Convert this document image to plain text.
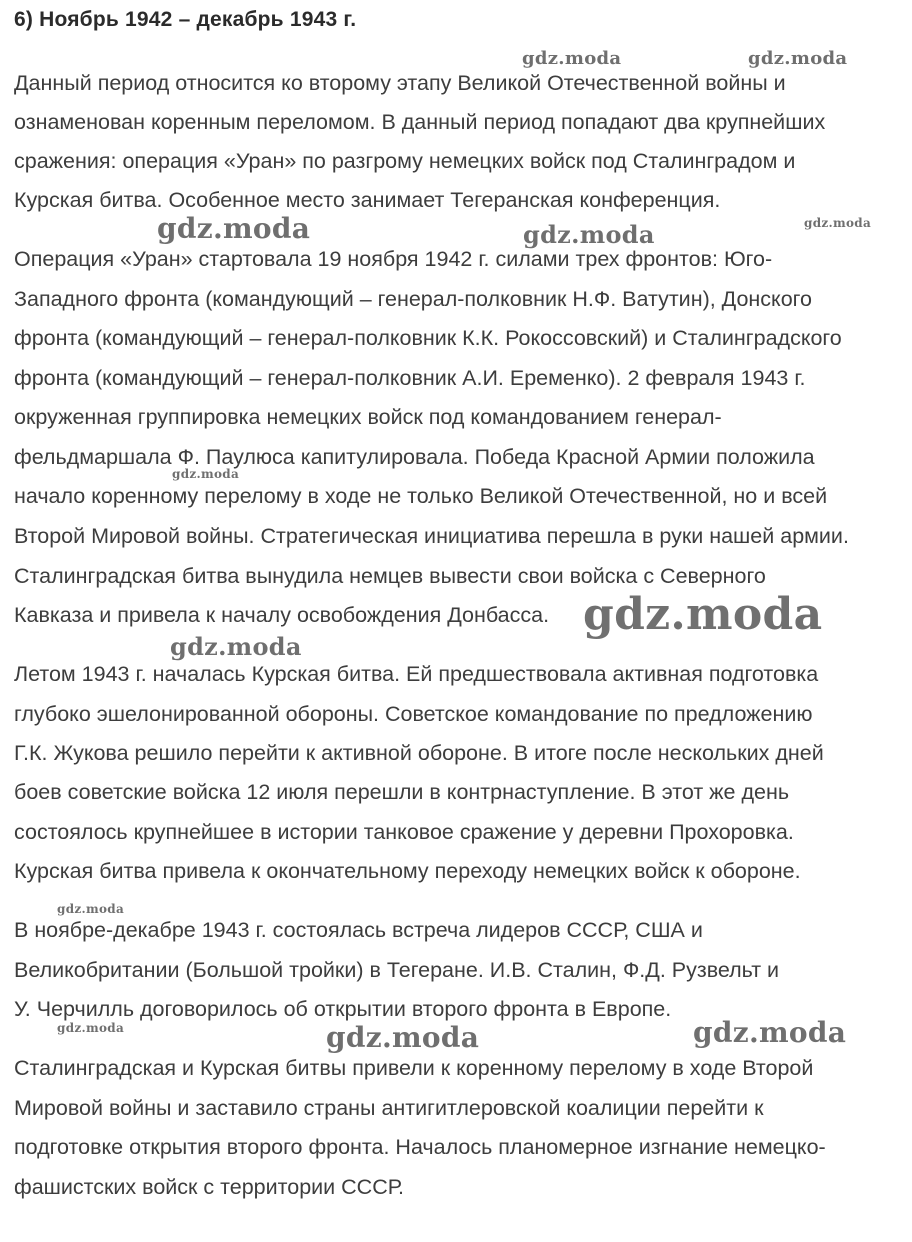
6) Ноябрь 1942 – декабрь 1943 г.

Данный период относится ко второму этапу Великой Отечественной войны и

ознаменован коренным переломом. В данный период попадают два крупнейших

сражения: операция «Уран» по разгрому немецких войск под Сталинградом и

Курская битва. Особенное место занимает Тегеранская конференция.

Операция «Уран» стартовала 19 ноября 1942 г. силами трех фронтов: Юго-

Западного фронта (командующий – генерал-полковник Н.Ф. Ватутин), Донского

фронта (командующий – генерал-полковник К.К. Рокоссовский) и Сталинградского

фронта (командующий – генерал-полковник А.И. Еременко). 2 февраля 1943 г.

окруженная группировка немецких войск под командованием генерал-

фельдмаршала Ф. Паулюса капитулировала. Победа Красной Армии положила

начало коренному перелому в ходе не только Великой Отечественной, но и всей

Второй Мировой войны. Стратегическая инициатива перешла в руки нашей армии.

Сталинградская битва вынудила немцев вывести свои войска с Северного

Кавказа и привела к началу освобождения Донбасса.

Летом 1943 г. началась Курская битва. Ей предшествовала активная подготовка

глубоко эшелонированной обороны. Советское командование по предложению

Г.К. Жукова решило перейти к активной обороне. В итоге после нескольких дней

боев советские войска 12 июля перешли в контрнаступление. В этот же день

состоялось крупнейшее в истории танковое сражение у деревни Прохоровка.

Курская битва привела к окончательному переходу немецких войск к обороне.

В ноябре-декабре 1943 г. состоялась встреча лидеров СССР, США и

Великобритании (Большой тройки) в Тегеране. И.В. Сталин, Ф.Д. Рузвельт и

У. Черчилль договорилось об открытии второго фронта в Европе.

Сталинградская и Курская битвы привели к коренному перелому в ходе Второй

Мировой войны и заставило страны антигитлеровской коалиции перейти к

подготовке открытия второго фронта. Началось планомерное изгнание немецко-

фашистских войск с территории СССР.

gdz.moda	gdz.moda
gdz.moda	gdz.moda	gdz.moda
gdz.moda
gdz.moda
gdz.moda
gdz.moda
gdz.moda	gdz.moda	gdz.moda
